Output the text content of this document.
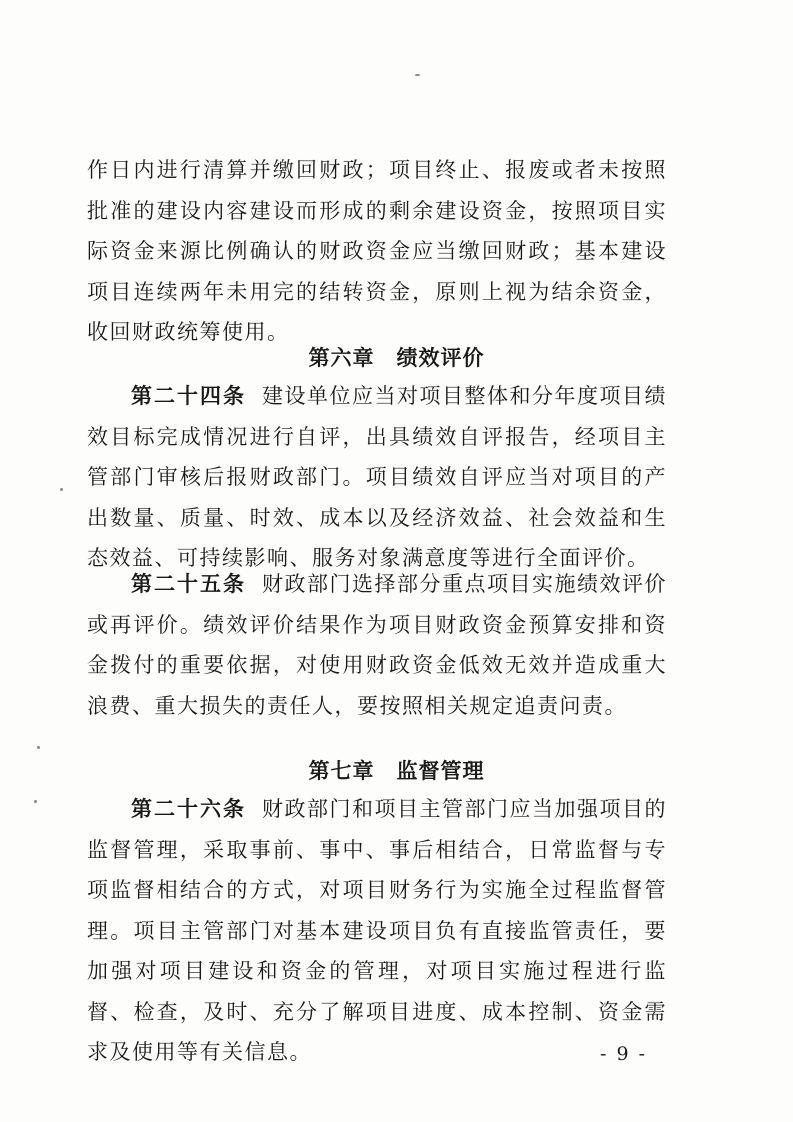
作日内进行清算并缴回财政；项目终止、报废或者未按照批准的建设内容建设而形成的剩余建设资金，按照项目实际资金来源比例确认的财政资金应当缴回财政；基本建设项目连续两年未用完的结转资金，原则上视为结余资金，收回财政统筹使用。

第六章 绩效评价

第二十四条 建设单位应当对项目整体和分年度项目绩效目标完成情况进行自评，出具绩效自评报告，经项目主管部门审核后报财政部门。项目绩效自评应当对项目的产出数量、质量、时效、成本以及经济效益、社会效益和生态效益、可持续影响、服务对象满意度等进行全面评价。

第二十五条 财政部门选择部分重点项目实施绩效评价或再评价。绩效评价结果作为项目财政资金预算安排和资金拨付的重要依据，对使用财政资金低效无效并造成重大浪费、重大损失的责任人，要按照相关规定追责问责。

第七章 监督管理

第二十六条 财政部门和项目主管部门应当加强项目的监督管理，采取事前、事中、事后相结合，日常监督与专项监督相结合的方式，对项目财务行为实施全过程监督管理。项目主管部门对基本建设项目负有直接监管责任，要加强对项目建设和资金的管理，对项目实施过程进行监督、检查，及时、充分了解项目进度、成本控制、资金需求及使用等有关信息。	- 9 -
